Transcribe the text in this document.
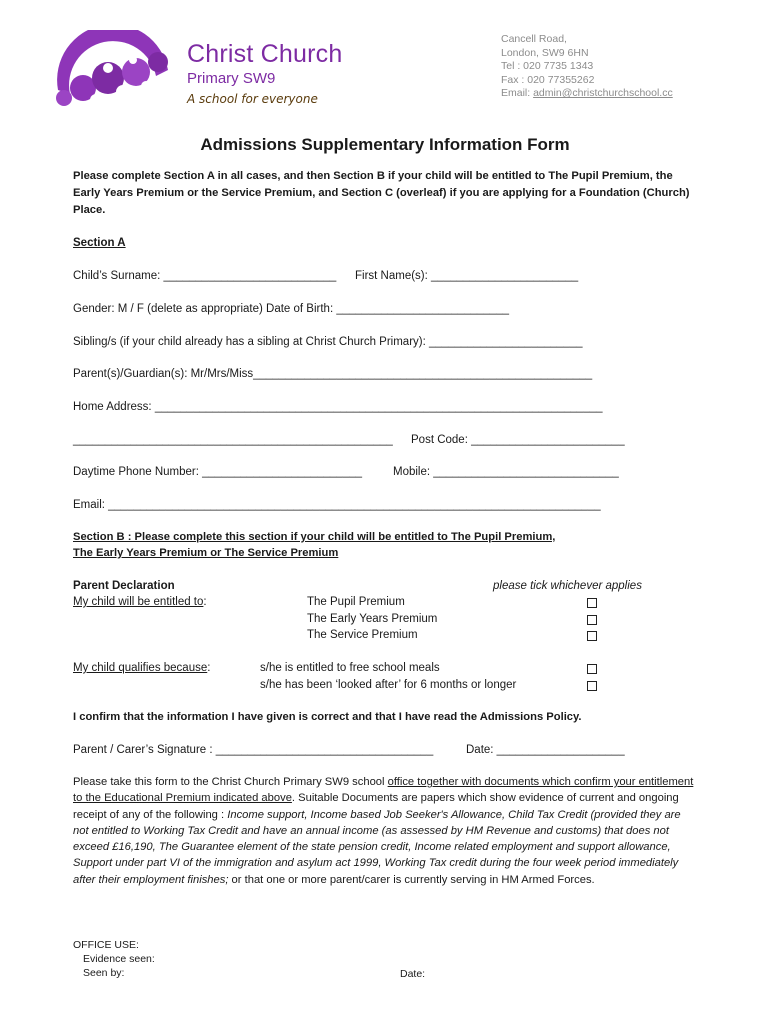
Christ Church
Primary SW9
A school for everyone
Cancell Road,
London, SW9 6HN
Tel : 020 7735 1343
Fax : 020 77355262
Email: admin@christchurchschool.cc
Admissions Supplementary Information Form
Please complete Section A in all cases, and then Section B if your child will be entitled to The Pupil Premium, the Early Years Premium or the Service Premium, and Section C (overleaf) if you are applying for a Foundation (Church) Place.
Section A
Child’s Surname: ___________________________ First Name(s): _______________________
Gender: M / F (delete as appropriate) Date of Birth: ___________________________
Sibling/s (if your child already has a sibling at Christ Church Primary): ________________________
Parent(s)/Guardian(s): Mr/Mrs/Miss_____________________________________________________
Home Address: ______________________________________________________________________
__________________________________________________ Post Code: ________________________
Daytime Phone Number: _________________________	Mobile: _____________________________
Email: _____________________________________________________________________________
Section B : Please complete this section if your child will be entitled to The Pupil Premium,
The Early Years Premium or The Service Premium
Parent Declaration	please tick whichever applies
My child will be entitled to:	The Pupil Premium
The Early Years Premium
The Service Premium
My child qualifies because:	s/he is entitled to free school meals
s/he has been ‘looked after’ for 6 months or longer
I confirm that the information I have given is correct and that I have read the Admissions Policy.
Parent / Carer’s Signature : __________________________________	Date: ____________________
Please take this form to the Christ Church Primary SW9 school office together with documents which confirm your entitlement to the Educational Premium indicated above. Suitable Documents are papers which show evidence of current and ongoing receipt of any of the following : Income support, Income based Job Seeker's Allowance, Child Tax Credit (provided they are not entitled to Working Tax Credit and have an annual income (as assessed by HM Revenue and customs) that does not exceed £16,190, The Guarantee element of the state pension credit, Income related employment and support allowance, Support under part VI of the immigration and asylum act 1999, Working Tax credit during the four week period immediately after their employment finishes; or that one or more parent/carer is currently serving in HM Armed Forces.
OFFICE USE:
Evidence seen:
Seen by:	Date:
